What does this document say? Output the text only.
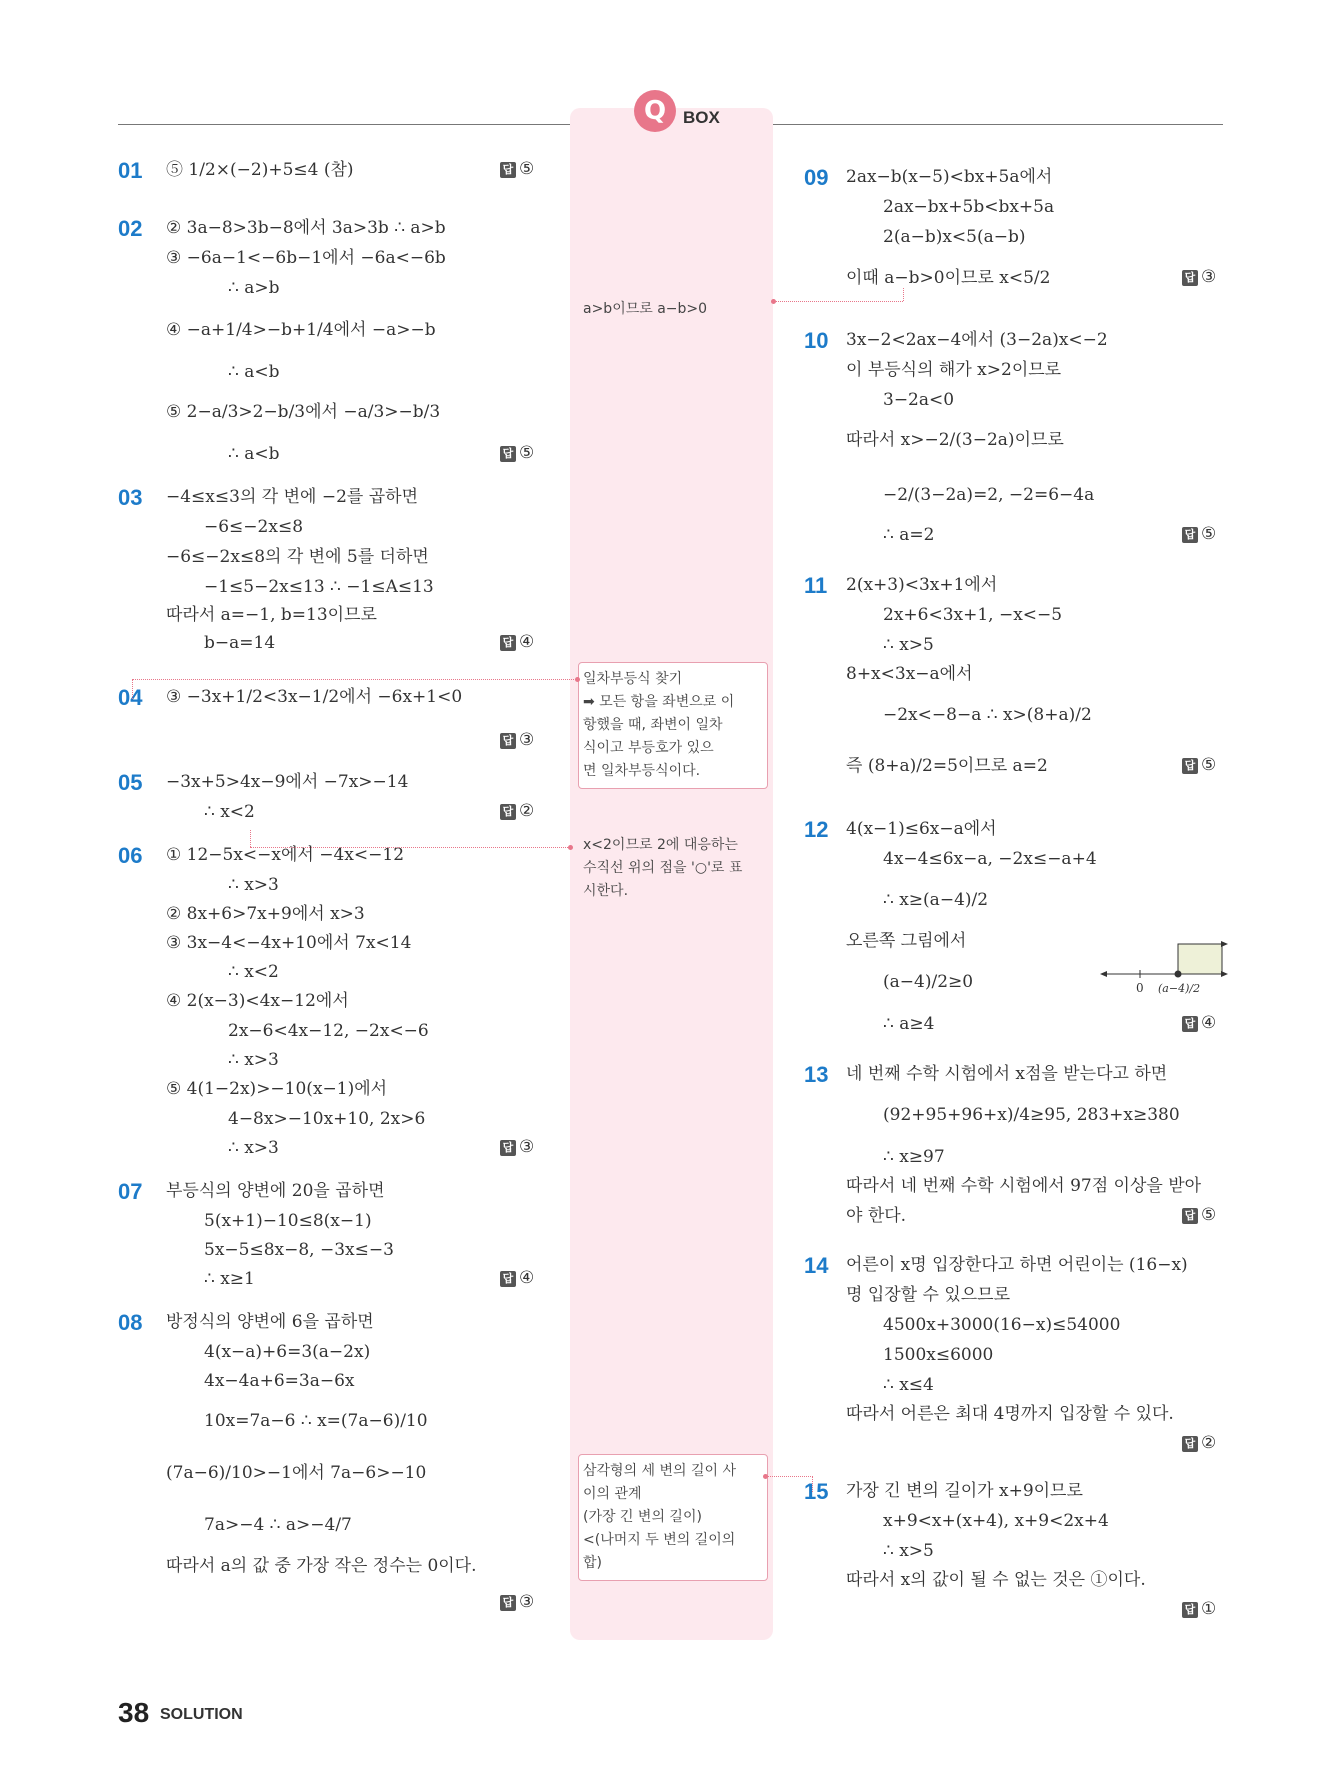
Q BOX
01 ⑤ 1/2×(−2)+5≤4 (참)	답 ⑤
02 ② 3a−8>3b−8에서 3a>3b ∴ a>b
③ −6a−1<−6b−1에서 −6a<−6b
∴ a>b
④ −a+1/4>−b+1/4에서 −a>−b
∴ a<b
⑤ 2−a/3>2−b/3에서 −a/3>−b/3
∴ a<b	답 ⑤
03 −4≤x≤3의 각 변에 −2를 곱하면
−6≤−2x≤8
−6≤−2x≤8의 각 변에 5를 더하면
−1≤5−2x≤13 ∴ −1≤A≤13
따라서 a=−1, b=13이므로
b−a=14	답 ④
04 ③ −3x+1/2<3x−1/2에서 −6x+1<0
답 ③
05 −3x+5>4x−9에서 −7x>−14
∴ x<2	답 ②
06 ① 12−5x<−x에서 −4x<−12
∴ x>3
② 8x+6>7x+9에서 x>3
③ 3x−4<−4x+10에서 7x<14
∴ x<2
④ 2(x−3)<4x−12에서
2x−6<4x−12, −2x<−6
∴ x>3
⑤ 4(1−2x)>−10(x−1)에서
4−8x>−10x+10, 2x>6
∴ x>3	답 ③
07 부등식의 양변에 20을 곱하면
5(x+1)−10≤8(x−1)
5x−5≤8x−8, −3x≤−3
∴ x≥1	답 ④
08 방정식의 양변에 6을 곱하면
4(x−a)+6=3(a−2x)
4x−4a+6=3a−6x
10x=7a−6 ∴ x=(7a−6)/10
(7a−6)/10>−1에서 7a−6>−10
7a>−4 ∴ a>−4/7
따라서 a의 값 중 가장 작은 정수는 0이다.
답 ③
09 2ax−b(x−5)<bx+5a에서
2ax−bx+5b<bx+5a
2(a−b)x<5(a−b)
이때 a−b>0이므로 x<5/2	답 ③
10 3x−2<2ax−4에서 (3−2a)x<−2
이 부등식의 해가 x>2이므로
3−2a<0
따라서 x>−2/(3−2a)이므로
−2/(3−2a)=2, −2=6−4a
∴ a=2	답 ⑤
11 2(x+3)<3x+1에서
2x+6<3x+1, −x<−5
∴ x>5
8+x<3x−a에서
−2x<−8−a ∴ x>(8+a)/2
즉 (8+a)/2=5이므로 a=2	답 ⑤
12 4(x−1)≤6x−a에서
4x−4≤6x−a, −2x≤−a+4
∴ x≥(a−4)/2
오른쪽 그림에서
(a−4)/2≥0
∴ a≥4	답 ④
13 네 번째 수학 시험에서 x점을 받는다고 하면
(92+95+96+x)/4≥95, 283+x≥380
∴ x≥97
따라서 네 번째 수학 시험에서 97점 이상을 받아
야 한다.	답 ⑤
14 어른이 x명 입장한다고 하면 어린이는 (16−x)
명 입장할 수 있으므로
4500x+3000(16−x)≤54000
1500x≤6000
∴ x≤4
따라서 어른은 최대 4명까지 입장할 수 있다.
답 ②
15 가장 긴 변의 길이가 x+9이므로
x+9<x+(x+4), x+9<2x+4
∴ x>5
따라서 x의 값이 될 수 없는 것은 ①이다.
답 ①
a>b이므로 a−b>0
일차부등식 찾기
➡ 모든 항을 좌변으로 이
항했을 때, 좌변이 일차
식이고 부등호가 있으
면 일차부등식이다.
x<2이므로 2에 대응하는
수직선 위의 점을 '○'로 표
시한다.
삼각형의 세 변의 길이 사
이의 관계
(가장 긴 변의 길이)
<(나머지 두 변의 길이의
합)
0 (a−4)/2
38 SOLUTION
